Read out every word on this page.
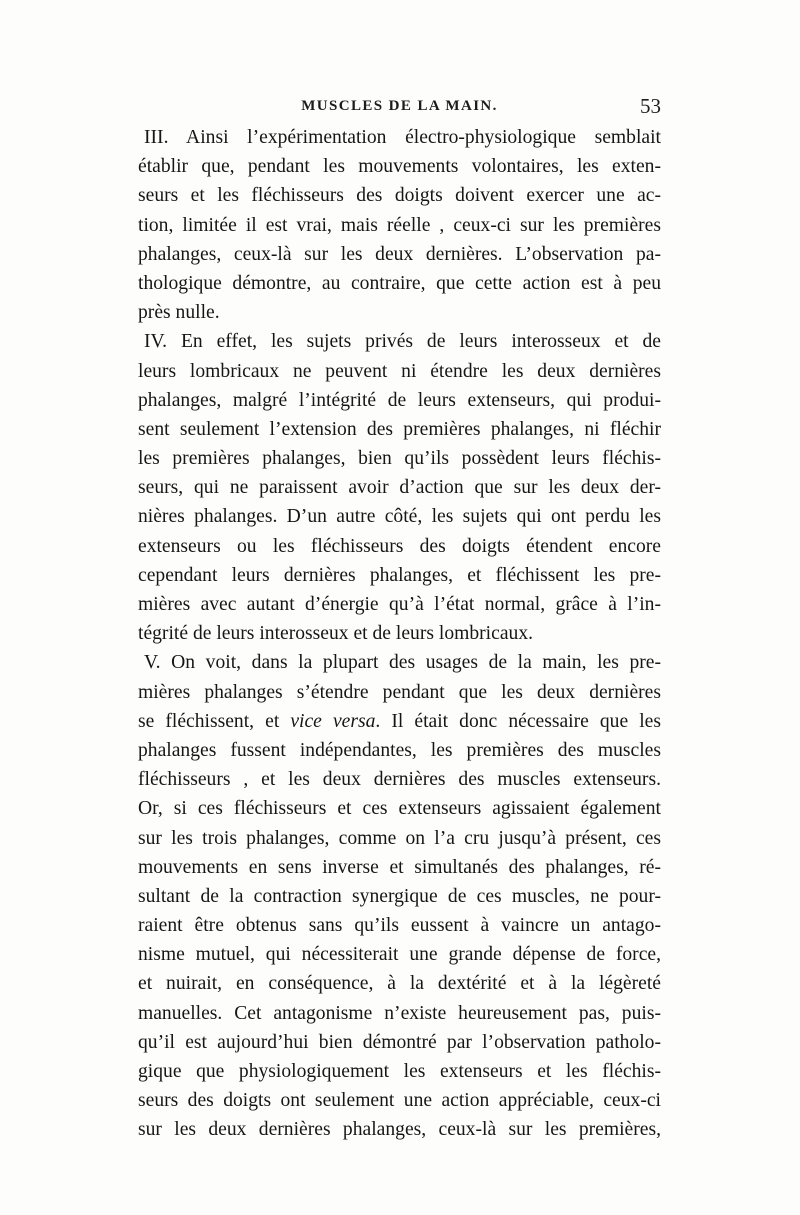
MUSCLES DE LA MAIN.	53
III. Ainsi l’expérimentation électro-physiologique semblait
établir que, pendant les mouvements volontaires, les exten-
seurs et les fléchisseurs des doigts doivent exercer une ac-
tion, limitée il est vrai, mais réelle , ceux-ci sur les premières
phalanges, ceux-là sur les deux dernières. L’observation pa-
thologique démontre, au contraire, que cette action est à peu
près nulle.
IV. En effet, les sujets privés de leurs interosseux et de
leurs lombricaux ne peuvent ni étendre les deux dernières
phalanges, malgré l’intégrité de leurs extenseurs, qui produi-
sent seulement l’extension des premières phalanges, ni fléchir
les premières phalanges, bien qu’ils possèdent leurs fléchis-
seurs, qui ne paraissent avoir d’action que sur les deux der-
nières phalanges. D’un autre côté, les sujets qui ont perdu les
extenseurs ou les fléchisseurs des doigts étendent encore
cependant leurs dernières phalanges, et fléchissent les pre-
mières avec autant d’énergie qu’à l’état normal, grâce à l’in-
tégrité de leurs interosseux et de leurs lombricaux.
V. On voit, dans la plupart des usages de la main, les pre-
mières phalanges s’étendre pendant que les deux dernières
se fléchissent, et vice versa. Il était donc nécessaire que les
phalanges fussent indépendantes, les premières des muscles
fléchisseurs , et les deux dernières des muscles extenseurs.
Or, si ces fléchisseurs et ces extenseurs agissaient également
sur les trois phalanges, comme on l’a cru jusqu’à présent, ces
mouvements en sens inverse et simultanés des phalanges, ré-
sultant de la contraction synergique de ces muscles, ne pour-
raient être obtenus sans qu’ils eussent à vaincre un antago-
nisme mutuel, qui nécessiterait une grande dépense de force,
et nuirait, en conséquence, à la dextérité et à la légèreté
manuelles. Cet antagonisme n’existe heureusement pas, puis-
qu’il est aujourd’hui bien démontré par l’observation patholo-
gique que physiologiquement les extenseurs et les fléchis-
seurs des doigts ont seulement une action appréciable, ceux-ci
sur les deux dernières phalanges, ceux-là sur les premières,
